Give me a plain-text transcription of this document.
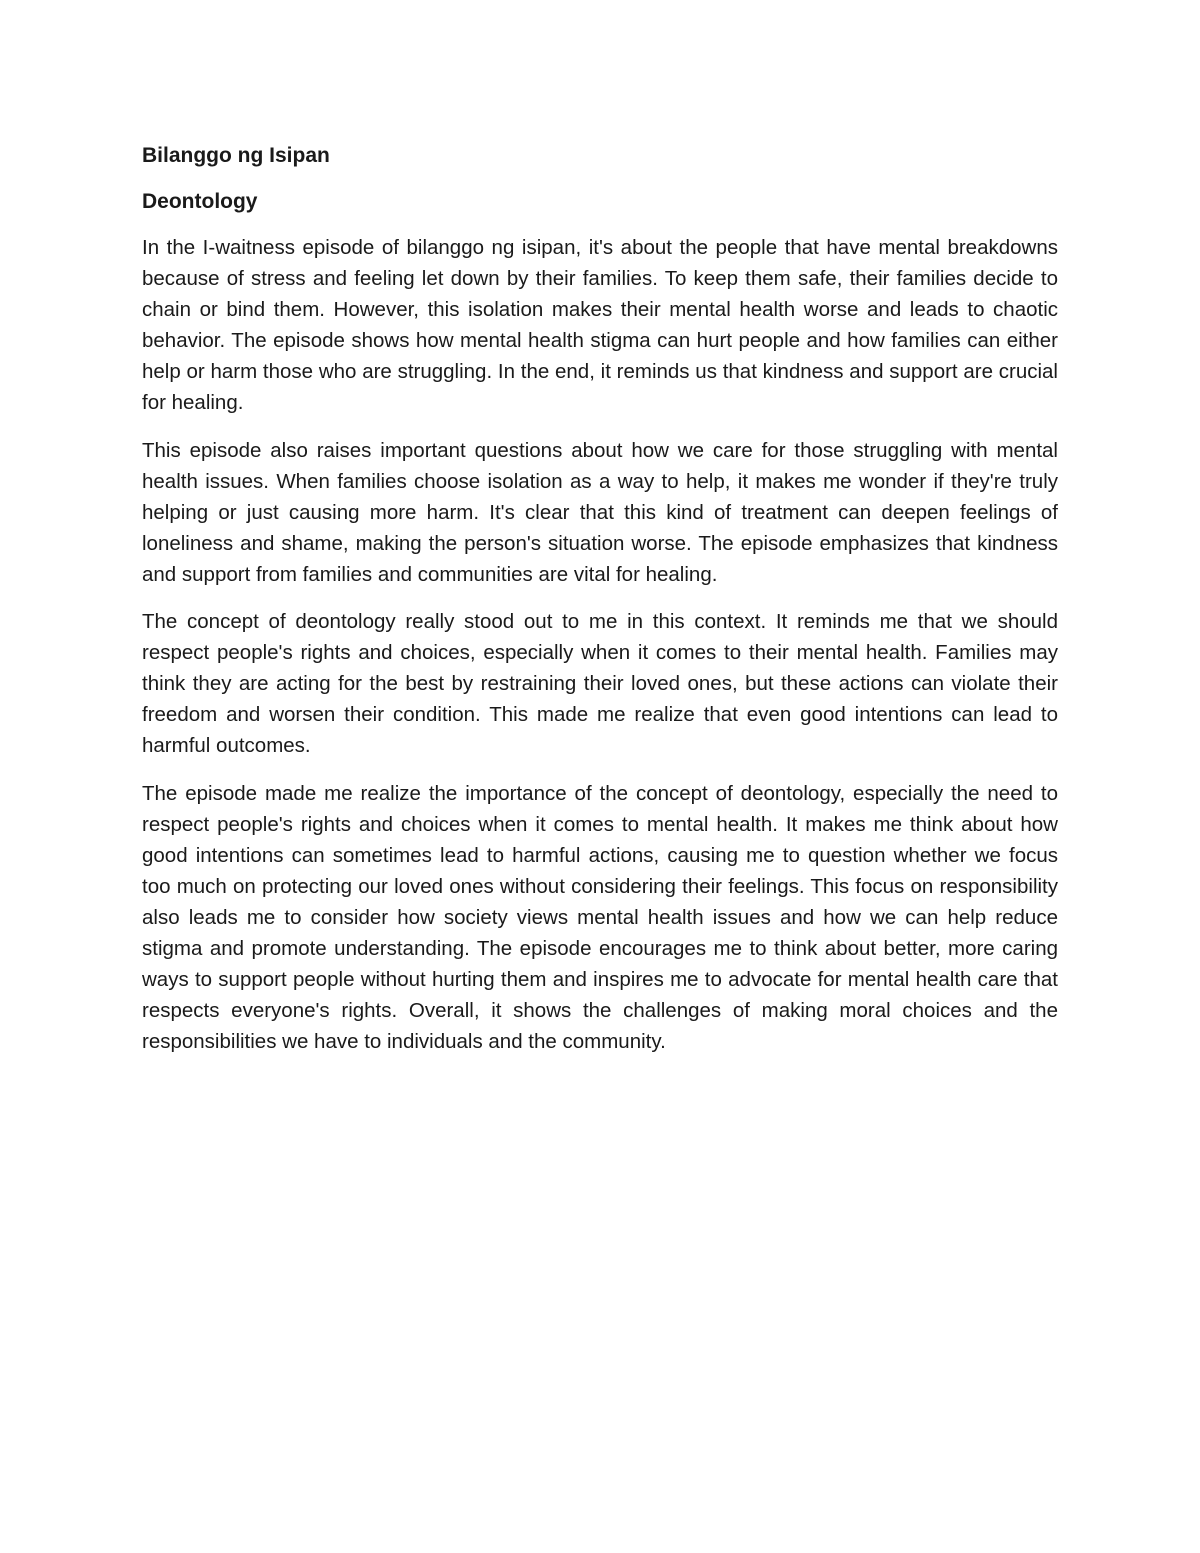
Bilanggo ng Isipan
Deontology

In the I-waitness episode of bilanggo ng isipan, it's about the people that have mental breakdowns because of stress and feeling let down by their families. To keep them safe, their families decide to chain or bind them. However, this isolation makes their mental health worse and leads to chaotic behavior. The episode shows how mental health stigma can hurt people and how families can either help or harm those who are struggling. In the end, it reminds us that kindness and support are crucial for healing.

This episode also raises important questions about how we care for those struggling with mental health issues. When families choose isolation as a way to help, it makes me wonder if they're truly helping or just causing more harm. It's clear that this kind of treatment can deepen feelings of loneliness and shame, making the person's situation worse. The episode emphasizes that kindness and support from families and communities are vital for healing.

The concept of deontology really stood out to me in this context. It reminds me that we should respect people's rights and choices, especially when it comes to their mental health. Families may think they are acting for the best by restraining their loved ones, but these actions can violate their freedom and worsen their condition. This made me realize that even good intentions can lead to harmful outcomes.

The episode made me realize the importance of the concept of deontology, especially the need to respect people's rights and choices when it comes to mental health. It makes me think about how good intentions can sometimes lead to harmful actions, causing me to question whether we focus too much on protecting our loved ones without considering their feelings. This focus on responsibility also leads me to consider how society views mental health issues and how we can help reduce stigma and promote understanding. The episode encourages me to think about better, more caring ways to support people without hurting them and inspires me to advocate for mental health care that respects everyone's rights. Overall, it shows the challenges of making moral choices and the responsibilities we have to individuals and the community.
